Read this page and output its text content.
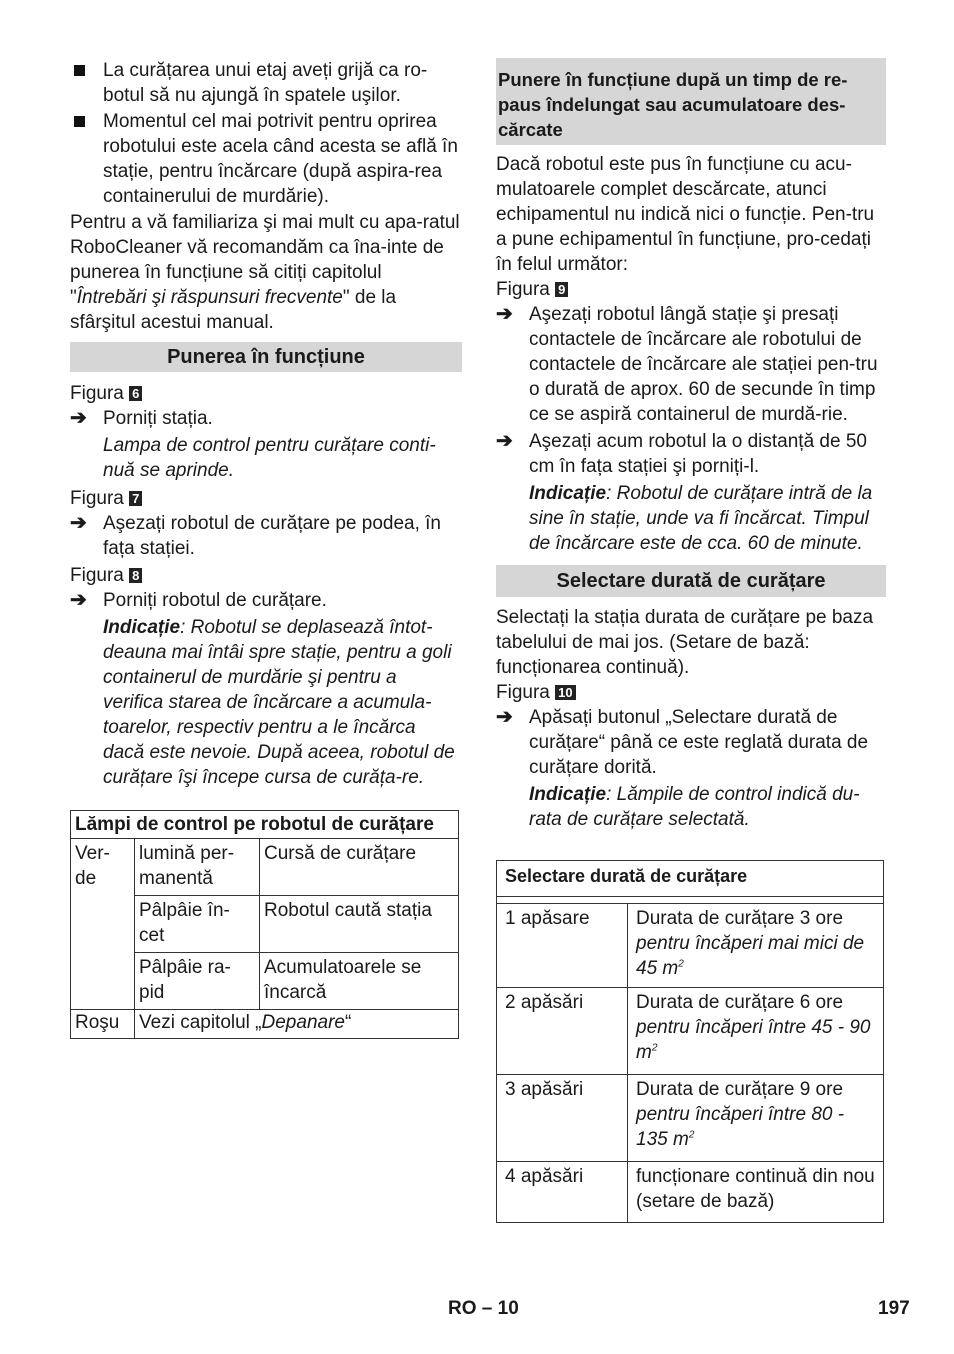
La curățarea unui etaj aveți grijă ca ro-botul să nu ajungă în spatele uşilor.

Momentul cel mai potrivit pentru oprirea robotului este acela când acesta se află în stație, pentru încărcare (după aspira-rea containerului de murdărie).

Pentru a vă familiariza şi mai mult cu apa-ratul RoboCleaner vă recomandăm ca îna-inte de punerea în funcțiune să citiți capitolul "Întrebări şi răspunsuri frecvente" de la sfârşitul acestui manual.

Punerea în funcțiune

Figura 6

➔ Porniți stația.

Lampa de control pentru curățare conti-nuă se aprinde.

Figura 7

➔ Aşezați robotul de curățare pe podea, în fața stației.

Figura 8

➔ Porniți robotul de curățare.

Indicație: Robotul se deplasează întot-deauna mai întâi spre stație, pentru a goli containerul de murdărie şi pentru a verifica starea de încărcare a acumula-toarelor, respectiv pentru a le încărca dacă este nevoie. După aceea, robotul de curățare îşi începe cursa de curăța-re.

Lămpi de control pe robotul de curățare		
Ver-de	lumină per-manentă	Cursă de curățare
	Pâlpâie în-cet	Robotul caută stația
	Pâlpâie ra-pid	Acumulatoarele se încarcă
Roşu	Vezi capitolul „Depanare“	
Punere în funcțiune după un timp de re-paus îndelungat sau acumulatoare des-cărcate

Dacă robotul este pus în funcțiune cu acu-mulatoarele complet descărcate, atunci echipamentul nu indică nici o funcție. Pen-tru a pune echipamentul în funcțiune, pro-cedați în felul următor:

Figura 9

➔ Aşezați robotul lângă stație şi presați contactele de încărcare ale robotului de contactele de încărcare ale stației pen-tru o durată de aprox. 60 de secunde în timp ce se aspiră containerul de murdă-rie.

➔ Aşezați acum robotul la o distanță de 50 cm în fața stației şi porniți-l.

Indicație: Robotul de curățare intră de la sine în stație, unde va fi încărcat. Timpul de încărcare este de cca. 60 de minute.

Selectare durată de curățare

Selectați la stația durata de curățare pe baza tabelului de mai jos. (Setare de bază: funcționarea continuă).

Figura 10

➔ Apăsați butonul „Selectare durată de curățare“ până ce este reglată durata de curățare dorită.

Indicație: Lămpile de control indică du-rata de curățare selectată.

Selectare durată de curățare	

1 apăsare	Durata de curățare 3 ore
pentru încăperi mai mici de 45 $m^2$
2 apăsări	Durata de curățare 6 ore
pentru încăperi între 45 - 90 $m^2$
3 apăsări	Durata de curățare 9 ore
pentru încăperi între 80 - 135 $m^2$
4 apăsări	funcționare continuă din nou (setare de bază)
RO – 10	197
